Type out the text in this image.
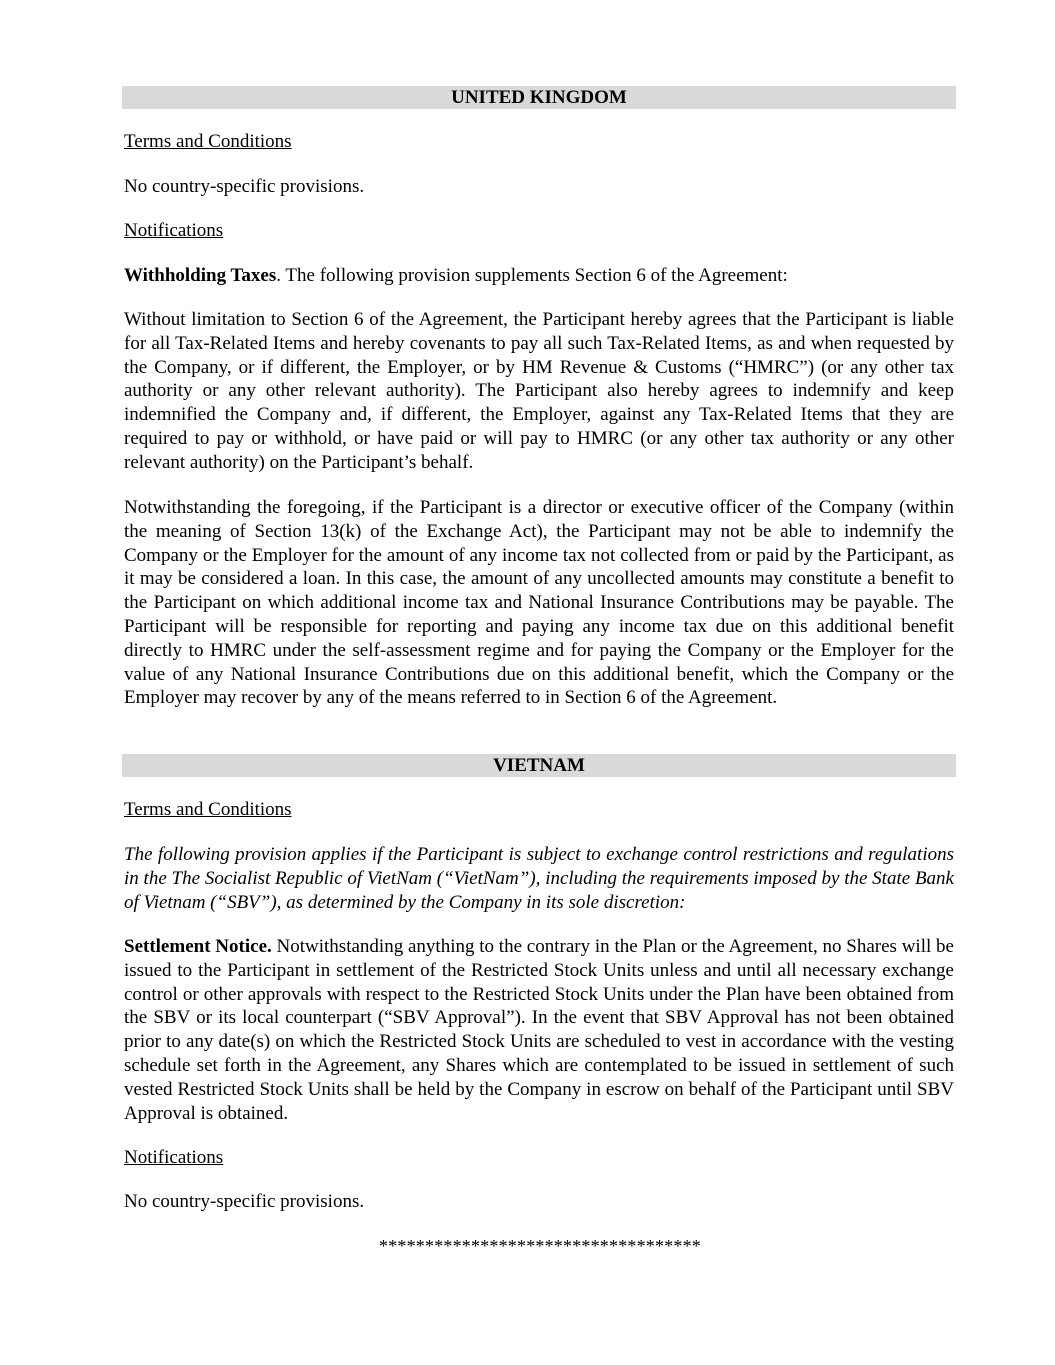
UNITED KINGDOM
Terms and Conditions
No country-specific provisions.
Notifications
Withholding Taxes. The following provision supplements Section 6 of the Agreement:
Without limitation to Section 6 of the Agreement, the Participant hereby agrees that the Participant is liable for all Tax-Related Items and hereby covenants to pay all such Tax-Related Items, as and when requested by the Company, or if different, the Employer, or by HM Revenue & Customs (“HMRC”) (or any other tax authority or any other relevant authority). The Participant also hereby agrees to indemnify and keep indemnified the Company and, if different, the Employer, against any Tax-Related Items that they are required to pay or withhold, or have paid or will pay to HMRC (or any other tax authority or any other relevant authority) on the Participant’s behalf.
Notwithstanding the foregoing, if the Participant is a director or executive officer of the Company (within the meaning of Section 13(k) of the Exchange Act), the Participant may not be able to indemnify the Company or the Employer for the amount of any income tax not collected from or paid by the Participant, as it may be considered a loan. In this case, the amount of any uncollected amounts may constitute a benefit to the Participant on which additional income tax and National Insurance Contributions may be payable. The Participant will be responsible for reporting and paying any income tax due on this additional benefit directly to HMRC under the self-assessment regime and for paying the Company or the Employer for the value of any National Insurance Contributions due on this additional benefit, which the Company or the Employer may recover by any of the means referred to in Section 6 of the Agreement.
VIETNAM
Terms and Conditions
The following provision applies if the Participant is subject to exchange control restrictions and regulations in the The Socialist Republic of VietNam (“VietNam”), including the requirements imposed by the State Bank of Vietnam (“SBV”), as determined by the Company in its sole discretion:
Settlement Notice. Notwithstanding anything to the contrary in the Plan or the Agreement, no Shares will be issued to the Participant in settlement of the Restricted Stock Units unless and until all necessary exchange control or other approvals with respect to the Restricted Stock Units under the Plan have been obtained from the SBV or its local counterpart (“SBV Approval”). In the event that SBV Approval has not been obtained prior to any date(s) on which the Restricted Stock Units are scheduled to vest in accordance with the vesting schedule set forth in the Agreement, any Shares which are contemplated to be issued in settlement of such vested Restricted Stock Units shall be held by the Company in escrow on behalf of the Participant until SBV Approval is obtained.
Notifications
No country-specific provisions.
***********************************
